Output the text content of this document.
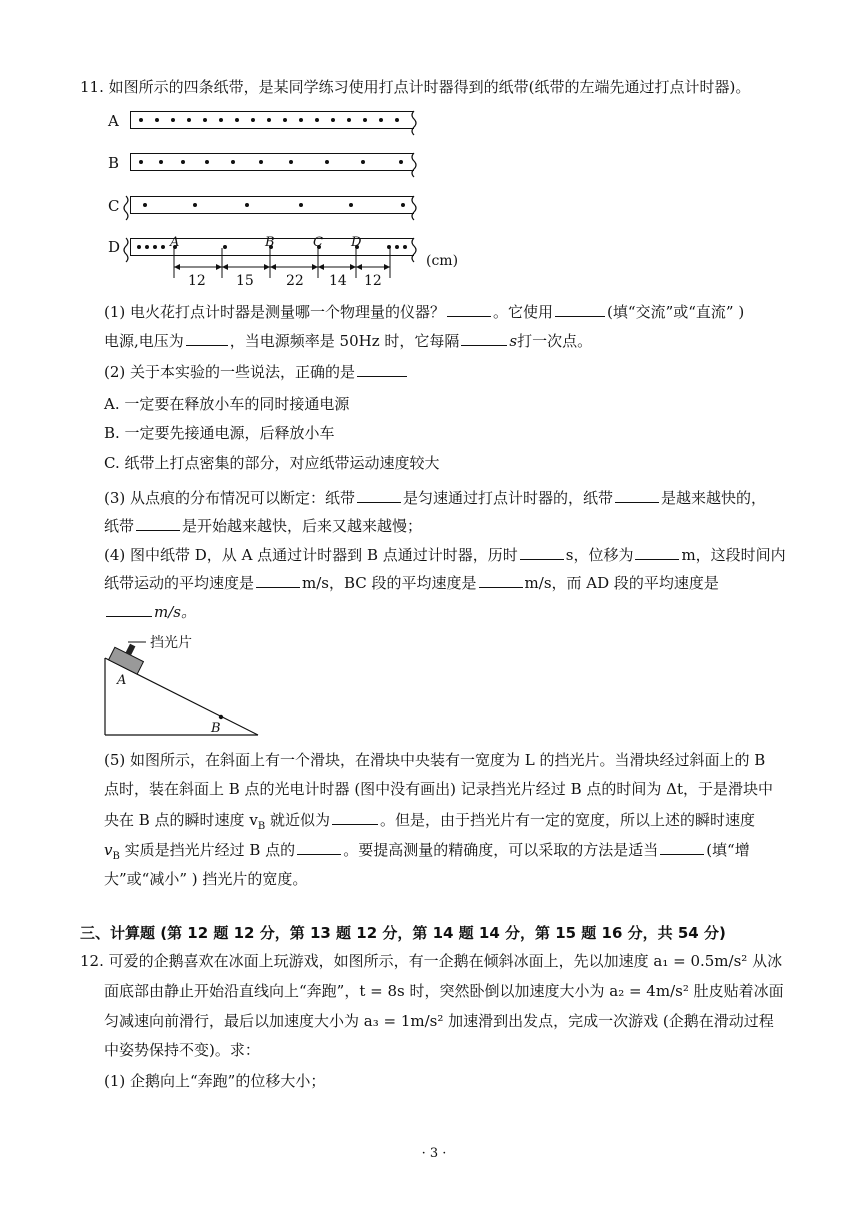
11. 如图所示的四条纸带，是某同学练习使用打点计时器得到的纸带(纸带的左端先通过打点计时器)。
A
B
C
D	A	B	C D
12 15 22 14 12
(cm)
(1) 电火花打点计时器是测量哪一个物理量的仪器？	。它使用	(填“交流”或“直流” )
电源,电压为	，当电源频率是 50Hz 时，它每隔	s打一次点。
(2) 关于本实验的一些说法，正确的是
A. 一定要在释放小车的同时接通电源
B. 一定要先接通电源，后释放小车
C. 纸带上打点密集的部分，对应纸带运动速度较大
(3) 从点痕的分布情况可以断定：纸带	是匀速通过打点计时器的，纸带	是越来越快的，
纸带	是开始越来越快，后来又越来越慢；
(4) 图中纸带 D，从 A 点通过计时器到 B 点通过计时器，历时	s，位移为	m，这段时间内
纸带运动的平均速度是	m/s，BC 段的平均速度是	m/s，而 AD 段的平均速度是
m/s。
挡光片
A
B
(5) 如图所示，在斜面上有一个滑块，在滑块中央装有一宽度为 L 的挡光片。当滑块经过斜面上的 B
点时，装在斜面上 B 点的光电计时器 (图中没有画出) 记录挡光片经过 B 点的时间为 Δt，于是滑块中
央在 B 点的瞬时速度 $v_B$ 就近似为	。但是，由于挡光片有一定的宽度，所以上述的瞬时速度
$v_B$ 实质是挡光片经过 B 点的	。要提高测量的精确度，可以采取的方法是适当	(填“增
大”或“减小” ) 挡光片的宽度。
三、计算题 (第 12 题 12 分，第 13 题 12 分，第 14 题 14 分，第 15 题 16 分，共 54 分)
12. 可爱的企鹅喜欢在冰面上玩游戏，如图所示，有一企鹅在倾斜冰面上，先以加速度 a₁ = 0.5m/s² 从冰
面底部由静止开始沿直线向上“奔跑”，t = 8s 时，突然卧倒以加速度大小为 a₂ = 4m/s² 肚皮贴着冰面
匀减速向前滑行，最后以加速度大小为 a₃ = 1m/s² 加速滑到出发点，完成一次游戏 (企鹅在滑动过程
中姿势保持不变)。求：
(1) 企鹅向上“奔跑”的位移大小；
· 3 ·
